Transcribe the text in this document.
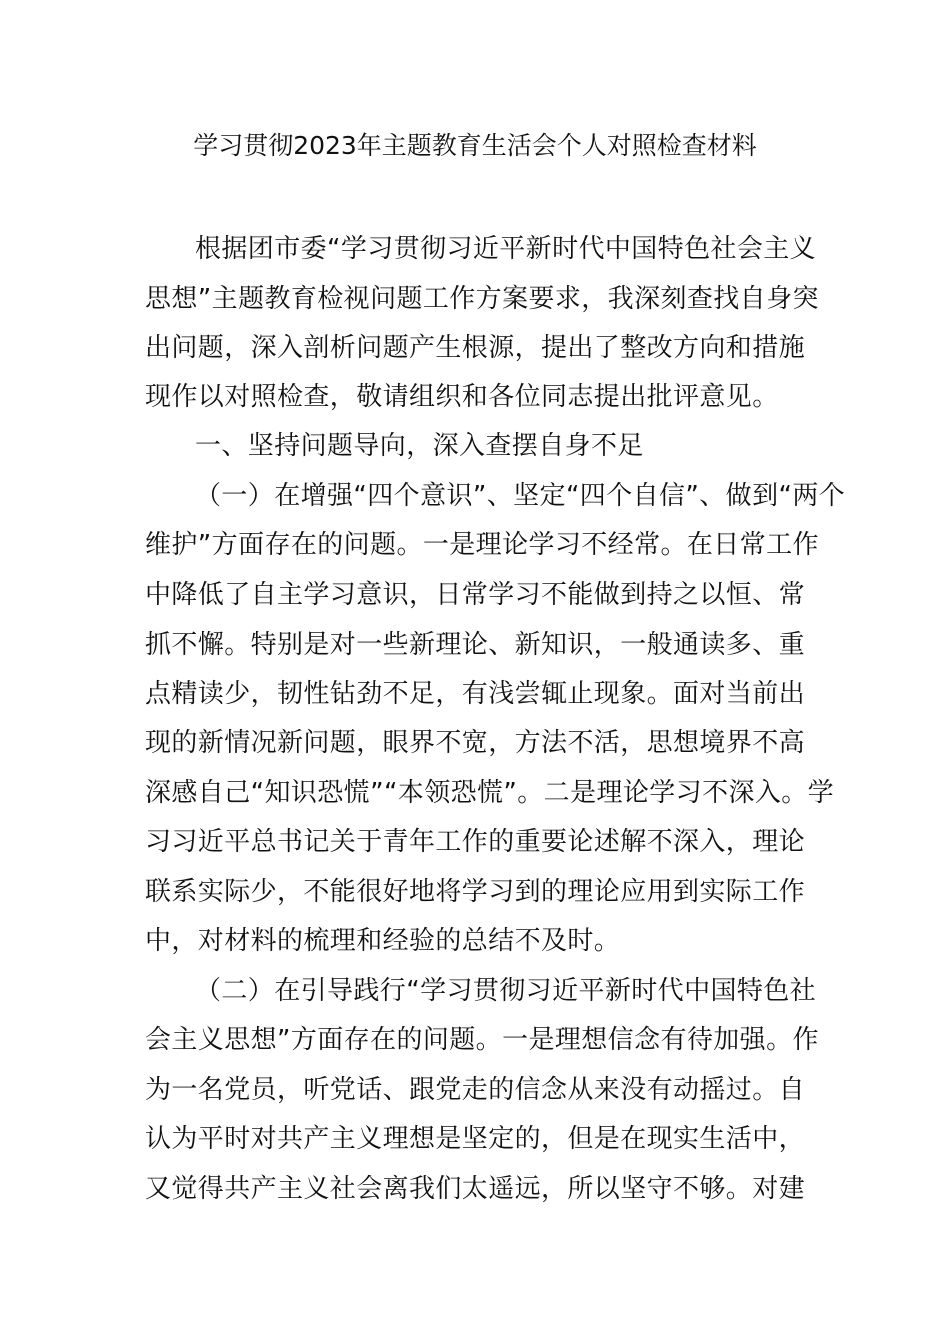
学习贯彻2023年主题教育生活会个人对照检查材料

根据团市委“学习贯彻习近平新时代中国特色社会主义

思想”主题教育检视问题工作方案要求，我深刻查找自身突

出问题，深入剖析问题产生根源，提出了整改方向和措施

现作以对照检查，敬请组织和各位同志提出批评意见。

一、坚持问题导向，深入查摆自身不足

（一）在增强“四个意识”、坚定“四个自信”、做到“两个

维护”方面存在的问题。一是理论学习不经常。在日常工作

中降低了自主学习意识，日常学习不能做到持之以恒、常

抓不懈。特别是对一些新理论、新知识，一般通读多、重

点精读少，韧性钻劲不足，有浅尝辄止现象。面对当前出

现的新情况新问题，眼界不宽，方法不活，思想境界不高

深感自己“知识恐慌”“本领恐慌”。二是理论学习不深入。学

习习近平总书记关于青年工作的重要论述解不深入，理论

联系实际少，不能很好地将学习到的理论应用到实际工作

中，对材料的梳理和经验的总结不及时。

（二）在引导践行“学习贯彻习近平新时代中国特色社

会主义思想”方面存在的问题。一是理想信念有待加强。作

为一名党员，听党话、跟党走的信念从来没有动摇过。自

认为平时对共产主义理想是坚定的，但是在现实生活中，

又觉得共产主义社会离我们太遥远，所以坚守不够。对建
